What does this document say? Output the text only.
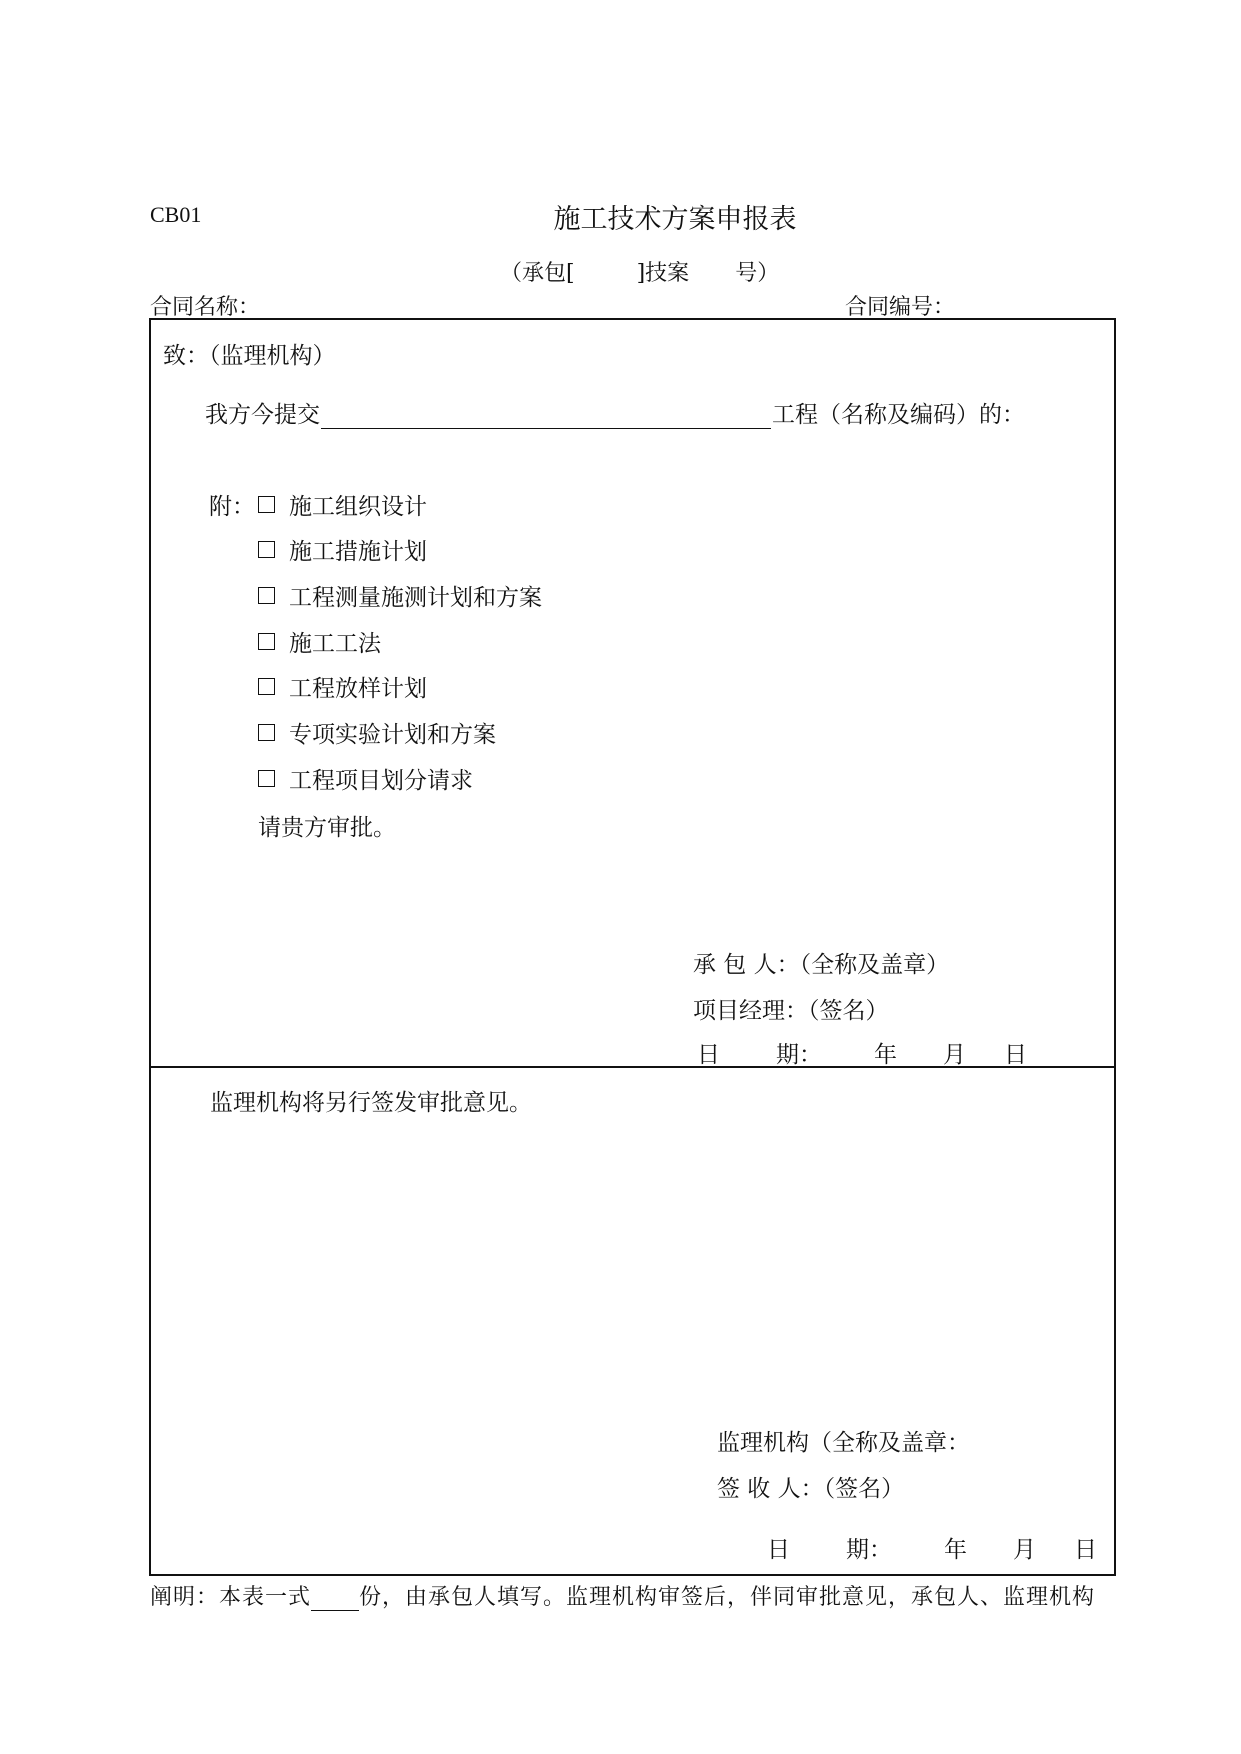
CB01	施工技术方案申报表
（承包[	]技案 号）
合同名称：	合同编号：
致：（监理机构）
我方今提交	工程（名称及编码）的：
附：	施工组织设计
施工措施计划
工程测量施测计划和方案
施工工法
工程放样计划
专项实验计划和方案
工程项目划分请求
请贵方审批。
承 包 人：（全称及盖章）
项目经理：（签名）
日 期： 年 月 日
监理机构将另行签发审批意见。
监理机构（全称及盖章：
签 收 人：（签名）
日 期： 年 月 日
阐明：本表一式 份，由承包人填写。监理机构审签后，伴同审批意见，承包人、监理机构
